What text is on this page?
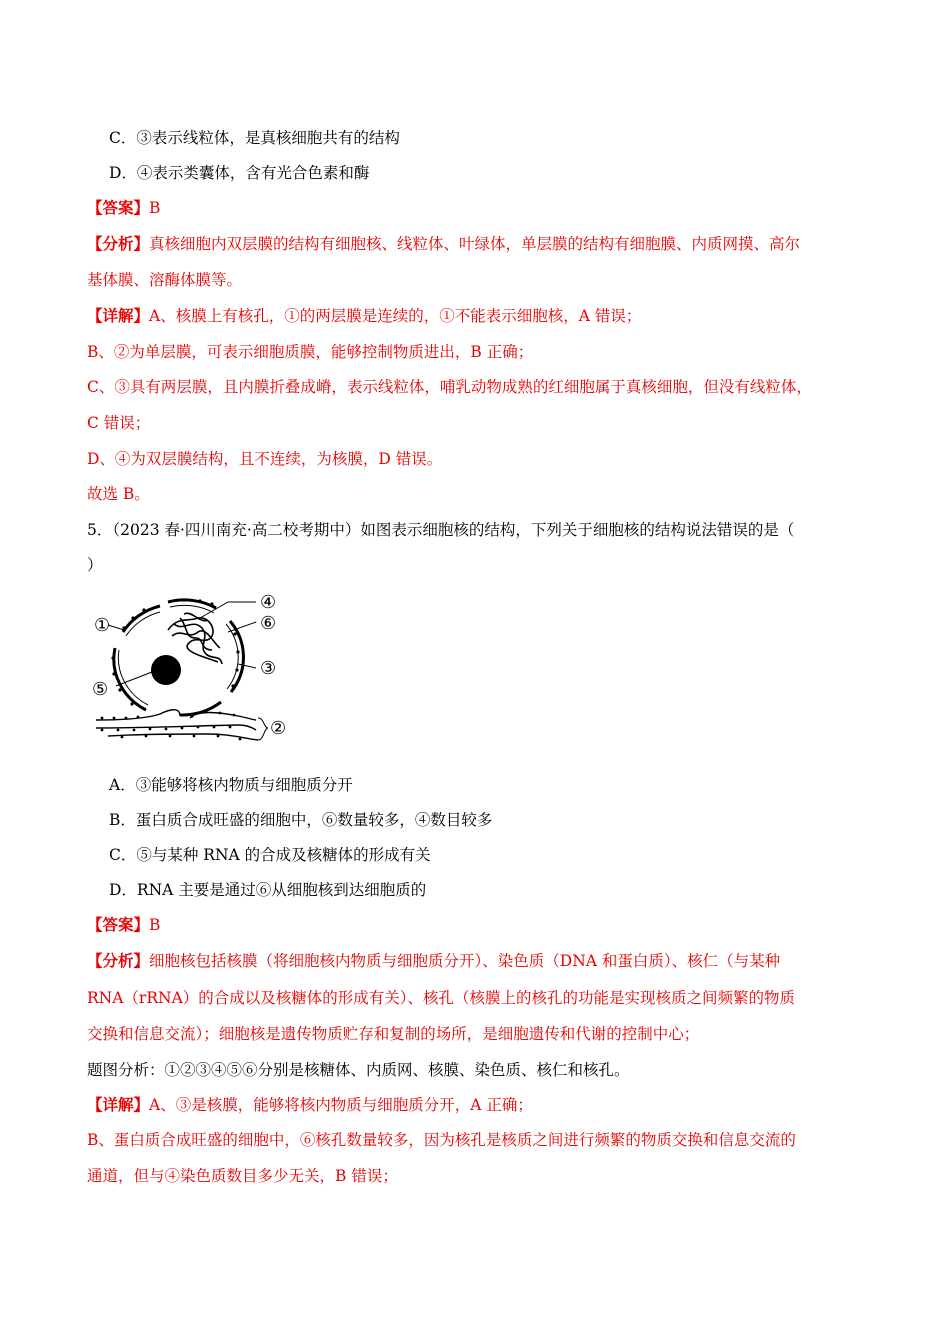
C．③表示线粒体，是真核细胞共有的结构
D．④表示类囊体，含有光合色素和酶
【答案】B
【分析】真核细胞内双层膜的结构有细胞核、线粒体、叶绿体，单层膜的结构有细胞膜、内质网摸、高尔
基体膜、溶酶体膜等。
【详解】A、核膜上有核孔，①的两层膜是连续的，①不能表示细胞核，A 错误；
B、②为单层膜，可表示细胞质膜，能够控制物质进出，B 正确；
C、③具有两层膜，且内膜折叠成嵴，表示线粒体，哺乳动物成熟的红细胞属于真核细胞，但没有线粒体，
C 错误；
D、④为双层膜结构，且不连续，为核膜，D 错误。
故选 B。
5．（2023 春·四川南充·高二校考期中）如图表示细胞核的结构，下列关于细胞核的结构说法错误的是（
）
①
②
③
④
⑤
⑥
A．③能够将核内物质与细胞质分开
B．蛋白质合成旺盛的细胞中，⑥数量较多，④数目较多
C．⑤与某种 RNA 的合成及核糖体的形成有关
D．RNA 主要是通过⑥从细胞核到达细胞质的
【答案】B
【分析】细胞核包括核膜（将细胞核内物质与细胞质分开）、染色质（DNA 和蛋白质）、核仁（与某种
RNA（rRNA）的合成以及核糖体的形成有关）、核孔（核膜上的核孔的功能是实现核质之间频繁的物质
交换和信息交流）；细胞核是遗传物质贮存和复制的场所，是细胞遗传和代谢的控制中心；
题图分析：①②③④⑤⑥分别是核糖体、内质网、核膜、染色质、核仁和核孔。
【详解】A、③是核膜，能够将核内物质与细胞质分开，A 正确；
B、蛋白质合成旺盛的细胞中，⑥核孔数量较多，因为核孔是核质之间进行频繁的物质交换和信息交流的
通道，但与④染色质数目多少无关，B 错误；
